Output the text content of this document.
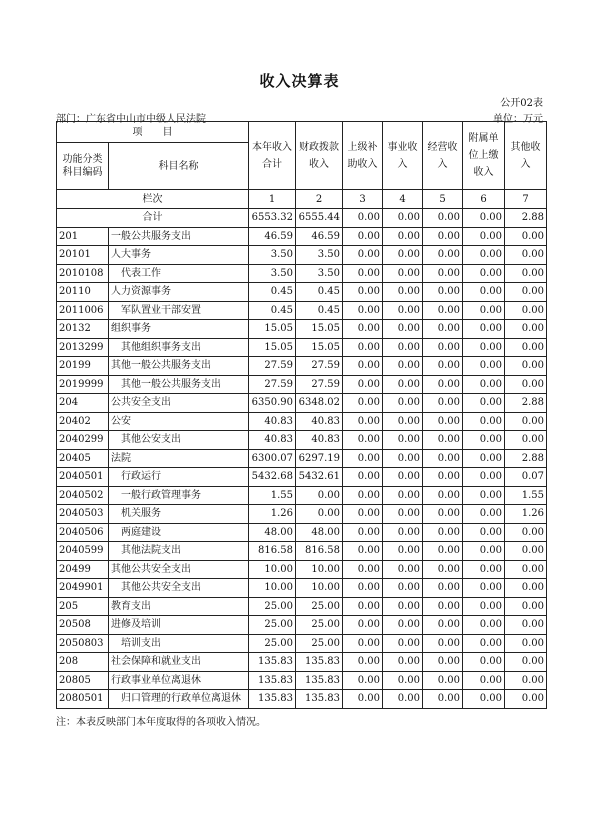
收入决算表
公开02表
部门：广东省中山市中级人民法院	单位：万元
项　　目		本年收入合计	财政拨款收入	上级补助收入	事业收入	经营收入	附属单位上缴收入	其他收入
功能分类科目编码	科目名称							
栏次		1	2	3	4	5	6	7
合计		6553.32	6555.44	0.00	0.00	0.00	0.00	2.88
201	一般公共服务支出	46.59	46.59	0.00	0.00	0.00	0.00	0.00
20101	人大事务	3.50	3.50	0.00	0.00	0.00	0.00	0.00
2010108	代表工作	3.50	3.50	0.00	0.00	0.00	0.00	0.00
20110	人力资源事务	0.45	0.45	0.00	0.00	0.00	0.00	0.00
2011006	军队置业干部安置	0.45	0.45	0.00	0.00	0.00	0.00	0.00
20132	组织事务	15.05	15.05	0.00	0.00	0.00	0.00	0.00
2013299	其他组织事务支出	15.05	15.05	0.00	0.00	0.00	0.00	0.00
20199	其他一般公共服务支出	27.59	27.59	0.00	0.00	0.00	0.00	0.00
2019999	其他一般公共服务支出	27.59	27.59	0.00	0.00	0.00	0.00	0.00
204	公共安全支出	6350.90	6348.02	0.00	0.00	0.00	0.00	2.88
20402	公安	40.83	40.83	0.00	0.00	0.00	0.00	0.00
2040299	其他公安支出	40.83	40.83	0.00	0.00	0.00	0.00	0.00
20405	法院	6300.07	6297.19	0.00	0.00	0.00	0.00	2.88
2040501	行政运行	5432.68	5432.61	0.00	0.00	0.00	0.00	0.07
2040502	一般行政管理事务	1.55	0.00	0.00	0.00	0.00	0.00	1.55
2040503	机关服务	1.26	0.00	0.00	0.00	0.00	0.00	1.26
2040506	两庭建设	48.00	48.00	0.00	0.00	0.00	0.00	0.00
2040599	其他法院支出	816.58	816.58	0.00	0.00	0.00	0.00	0.00
20499	其他公共安全支出	10.00	10.00	0.00	0.00	0.00	0.00	0.00
2049901	其他公共安全支出	10.00	10.00	0.00	0.00	0.00	0.00	0.00
205	教育支出	25.00	25.00	0.00	0.00	0.00	0.00	0.00
20508	进修及培训	25.00	25.00	0.00	0.00	0.00	0.00	0.00
2050803	培训支出	25.00	25.00	0.00	0.00	0.00	0.00	0.00
208	社会保障和就业支出	135.83	135.83	0.00	0.00	0.00	0.00	0.00
20805	行政事业单位离退休	135.83	135.83	0.00	0.00	0.00	0.00	0.00
2080501	归口管理的行政单位离退休	135.83	135.83	0.00	0.00	0.00	0.00	0.00
注：本表反映部门本年度取得的各项收入情况。
